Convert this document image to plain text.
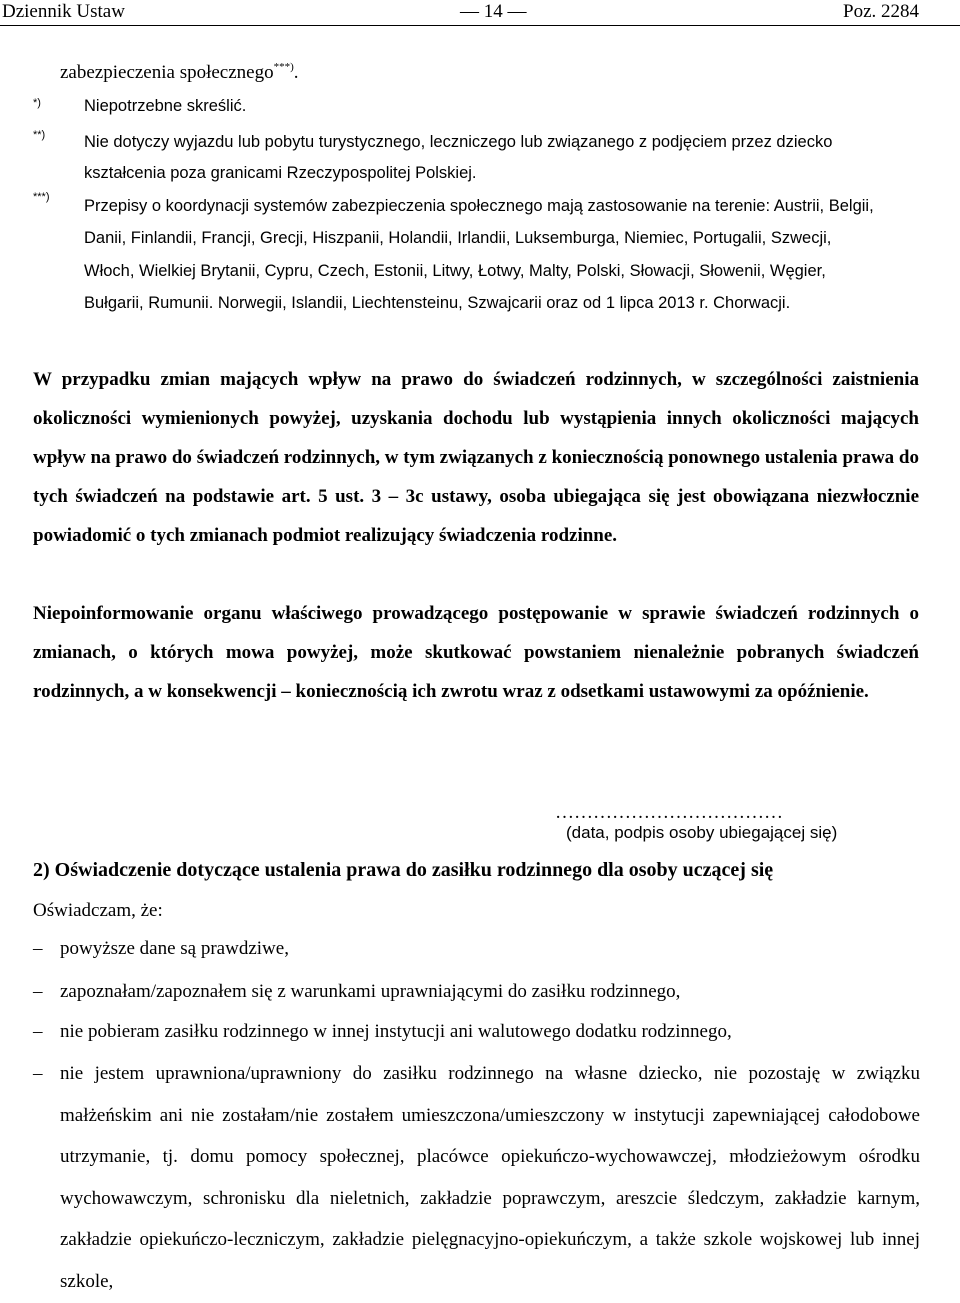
Dziennik Ustaw	— 14 —	Poz. 2284
zabezpieczenia społecznego***).
*)	Niepotrzebne skreślić.
**) Nie dotyczy wyjazdu lub pobytu turystycznego, leczniczego lub związanego z podjęciem przez dziecko
kształcenia poza granicami Rzeczypospolitej Polskiej.
***) Przepisy o koordynacji systemów zabezpieczenia społecznego mają zastosowanie na terenie: Austrii, Belgii,
Danii, Finlandii, Francji, Grecji, Hiszpanii, Holandii, Irlandii, Luksemburga, Niemiec, Portugalii, Szwecji,
Włoch, Wielkiej Brytanii, Cypru, Czech, Estonii, Litwy, Łotwy, Malty, Polski, Słowacji, Słowenii, Węgier,
Bułgarii, Rumunii. Norwegii, Islandii, Liechtensteinu, Szwajcarii oraz od 1 lipca 2013 r. Chorwacji.

W przypadku zmian mających wpływ na prawo do świadczeń rodzinnych, w szczególności zaistnienia okoliczności wymienionych powyżej, uzyskania dochodu lub wystąpienia innych okoliczności mających wpływ na prawo do świadczeń rodzinnych, w tym związanych z koniecznością ponownego ustalenia prawa do tych świadczeń na podstawie art. 5 ust. 3 – 3c ustawy, osoba ubiegająca się jest obowiązana niezwłocznie powiadomić o tych zmianach podmiot realizujący świadczenia rodzinne.

Niepoinformowanie organu właściwego prowadzącego postępowanie w sprawie świadczeń rodzinnych o zmianach, o których mowa powyżej, może skutkować powstaniem nienależnie pobranych świadczeń rodzinnych, a w konsekwencji – koniecznością ich zwrotu wraz z odsetkami ustawowymi za opóźnienie.

………………………………
(data, podpis osoby ubiegającej się)
2) Oświadczenie dotyczące ustalenia prawa do zasiłku rodzinnego dla osoby uczącej się
Oświadczam, że:
– powyższe dane są prawdziwe,
– zapoznałam/zapoznałem się z warunkami uprawniającymi do zasiłku rodzinnego,
– nie pobieram zasiłku rodzinnego w innej instytucji ani walutowego dodatku rodzinnego,
– nie jestem uprawniona/uprawniony do zasiłku rodzinnego na własne dziecko, nie pozostaję w związku małżeńskim ani nie zostałam/nie zostałem umieszczona/umieszczony w instytucji zapewniającej całodobowe utrzymanie, tj. domu pomocy społecznej, placówce opiekuńczo-wychowawczej, młodzieżowym ośrodku wychowawczym, schronisku dla nieletnich, zakładzie poprawczym, areszcie śledczym, zakładzie karnym, zakładzie opiekuńczo-leczniczym, zakładzie pielęgnacyjno-opiekuńczym, a także szkole wojskowej lub innej szkole,
